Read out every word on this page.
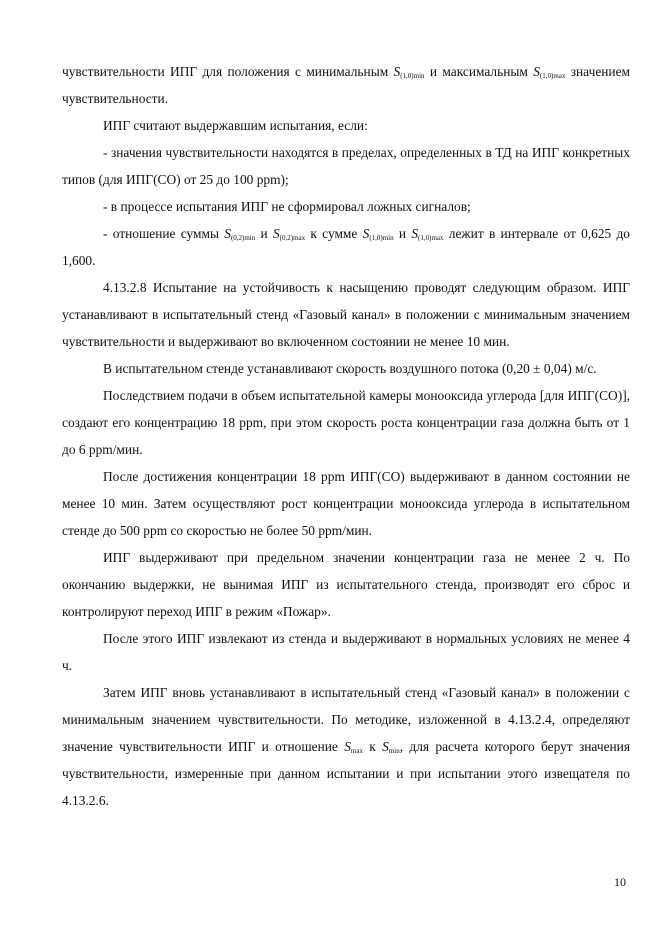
чувствительности ИПГ для положения с минимальным $S_{(1,0)min}$ и максимальным $S_{(1,0)max}$ значением чувствительности.

ИПГ считают выдержавшим испытания, если:

- значения чувствительности находятся в пределах, определенных в ТД на ИПГ конкретных типов (для ИПГ(СО) от 25 до 100 ppm);

- в процессе испытания ИПГ не сформировал ложных сигналов;

- отношение суммы $S_{(0,2)min}$ и $S_{(0,2)max}$ к сумме $S_{(1,0)min}$ и $S_{(1,0)max}$ лежит в интервале от 0,625 до 1,600.

4.13.2.8 Испытание на устойчивость к насыщению проводят следующим образом. ИПГ устанавливают в испытательный стенд «Газовый канал» в положении с минимальным значением чувствительности и выдерживают во включенном состоянии не менее 10 мин.

В испытательном стенде устанавливают скорость воздушного потока (0,20 ± 0,04) м/с.

Последствием подачи в объем испытательной камеры монооксида углерода [для ИПГ(СО)], создают его концентрацию 18 ppm, при этом скорость роста концентрации газа должна быть от 1 до 6 ppm/мин.

После достижения концентрации 18 ppm ИПГ(СО) выдерживают в данном состоянии не менее 10 мин. Затем осуществляют рост концентрации монооксида углерода в испытательном стенде до 500 ppm со скоростью не более 50 ppm/мин.

ИПГ выдерживают при предельном значении концентрации газа не менее 2 ч. По окончанию выдержки, не вынимая ИПГ из испытательного стенда, производят его сброс и контролируют переход ИПГ в режим «Пожар».

После этого ИПГ извлекают из стенда и выдерживают в нормальных условиях не менее 4 ч.

Затем ИПГ вновь устанавливают в испытательный стенд «Газовый канал» в положении с минимальным значением чувствительности. По методике, изложенной в 4.13.2.4, определяют значение чувствительности ИПГ и отношение $S_{max}$ к $S_{min}$, для расчета которого берут значения чувствительности, измеренные при данном испытании и при испытании этого извещателя по 4.13.2.6.

10
